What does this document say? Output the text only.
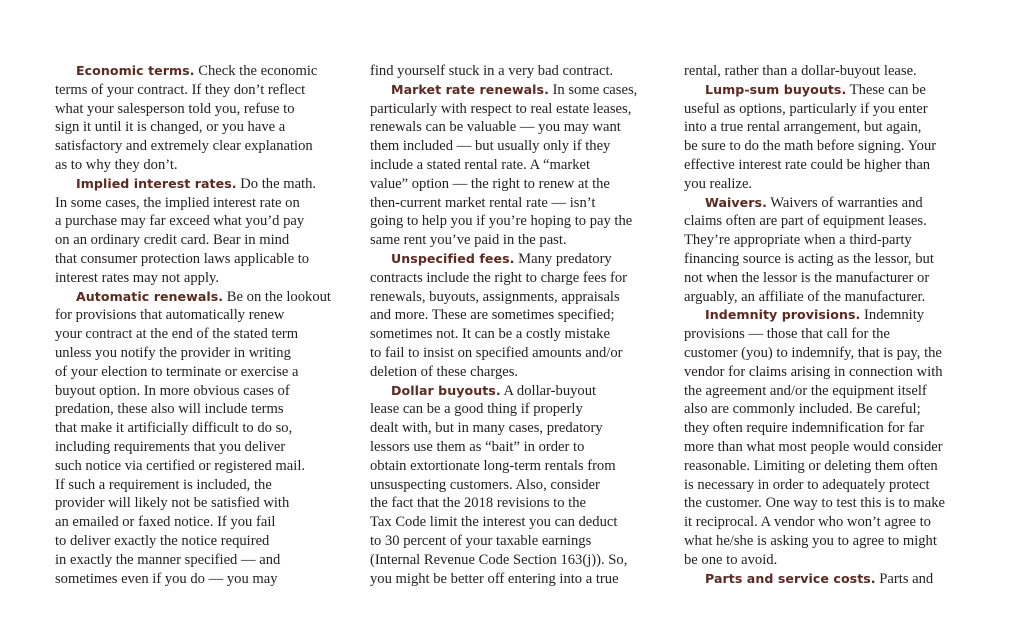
Economic terms. Check the economic
terms of your contract. If they don’t reflect
what your salesperson told you, refuse to
sign it until it is changed, or you have a
satisfactory and extremely clear explanation
as to why they don’t.
Implied interest rates. Do the math.
In some cases, the implied interest rate on
a purchase may far exceed what you’d pay
on an ordinary credit card. Bear in mind
that consumer protection laws applicable to
interest rates may not apply.
Automatic renewals. Be on the lookout
for provisions that automatically renew
your contract at the end of the stated term
unless you notify the provider in writing
of your election to terminate or exercise a
buyout option. In more obvious cases of
predation, these also will include terms
that make it artificially difficult to do so,
including requirements that you deliver
such notice via certified or registered mail.
If such a requirement is included, the
provider will likely not be satisfied with
an emailed or faxed notice. If you fail
to deliver exactly the notice required
in exactly the manner specified — and
sometimes even if you do — you may
find yourself stuck in a very bad contract.
Market rate renewals. In some cases,
particularly with respect to real estate leases,
renewals can be valuable — you may want
them included — but usually only if they
include a stated rental rate. A “market
value” option — the right to renew at the
then-current market rental rate — isn’t
going to help you if you’re hoping to pay the
same rent you’ve paid in the past.
Unspecified fees. Many predatory
contracts include the right to charge fees for
renewals, buyouts, assignments, appraisals
and more. These are sometimes specified;
sometimes not. It can be a costly mistake
to fail to insist on specified amounts and/or
deletion of these charges.
Dollar buyouts. A dollar-buyout
lease can be a good thing if properly
dealt with, but in many cases, predatory
lessors use them as “bait” in order to
obtain extortionate long-term rentals from
unsuspecting customers. Also, consider
the fact that the 2018 revisions to the
Tax Code limit the interest you can deduct
to 30 percent of your taxable earnings
(Internal Revenue Code Section 163(j)). So,
you might be better off entering into a true
rental, rather than a dollar-buyout lease.
Lump-sum buyouts. These can be
useful as options, particularly if you enter
into a true rental arrangement, but again,
be sure to do the math before signing. Your
effective interest rate could be higher than
you realize.
Waivers. Waivers of warranties and
claims often are part of equipment leases.
They’re appropriate when a third-party
financing source is acting as the lessor, but
not when the lessor is the manufacturer or
arguably, an affiliate of the manufacturer.
Indemnity provisions. Indemnity
provisions — those that call for the
customer (you) to indemnify, that is pay, the
vendor for claims arising in connection with
the agreement and/or the equipment itself
also are commonly included. Be careful;
they often require indemnification for far
more than what most people would consider
reasonable. Limiting or deleting them often
is necessary in order to adequately protect
the customer. One way to test this is to make
it reciprocal. A vendor who won’t agree to
what he/she is asking you to agree to might
be one to avoid.
Parts and service costs. Parts and
